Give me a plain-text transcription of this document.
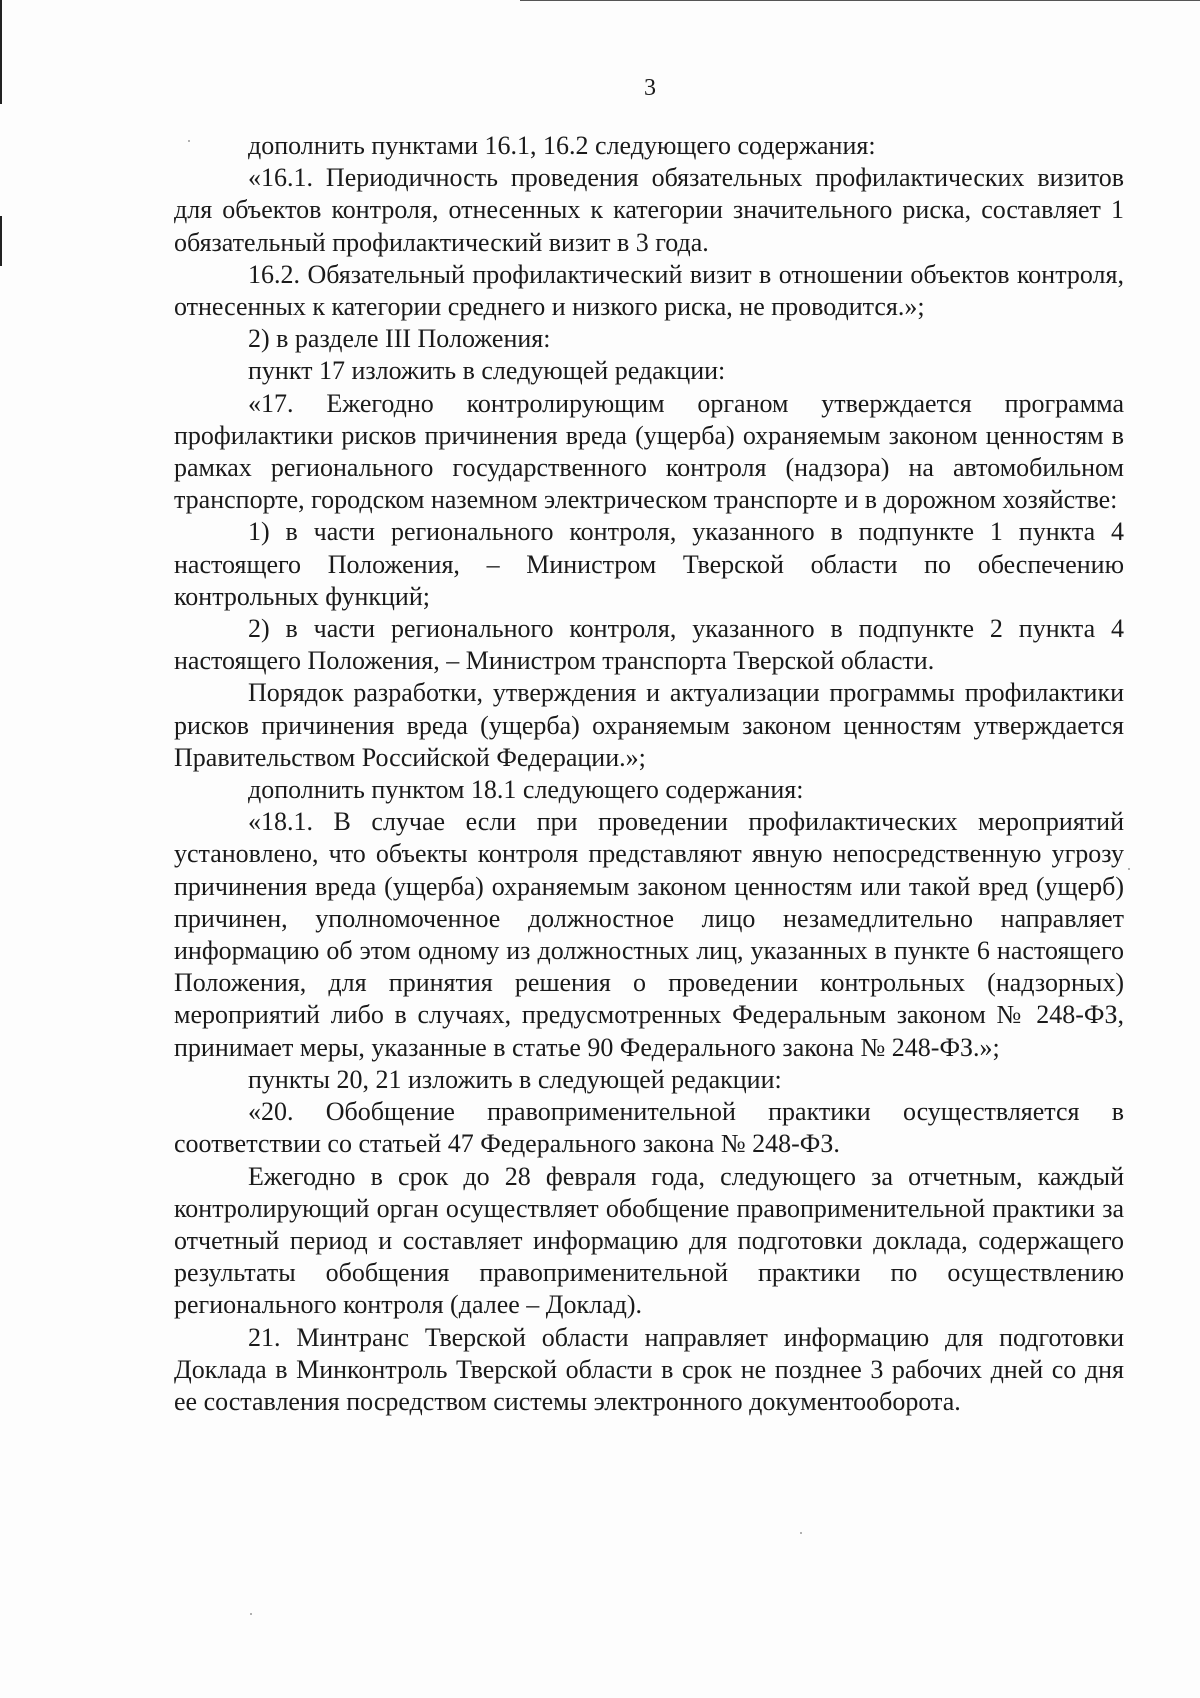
3

дополнить пунктами 16.1, 16.2 следующего содержания:

«16.1. Периодичность проведения обязательных профилактических визитов для объектов контроля, отнесенных к категории значительного риска, составляет 1 обязательный профилактический визит в 3 года.

16.2. Обязательный профилактический визит в отношении объектов контроля, отнесенных к категории среднего и низкого риска, не проводится.»;

2) в разделе III Положения:

пункт 17 изложить в следующей редакции:

«17. Ежегодно контролирующим органом утверждается программа профилактики рисков причинения вреда (ущерба) охраняемым законом ценностям в рамках регионального государственного контроля (надзора) на автомобильном транспорте, городском наземном электрическом транспорте и в дорожном хозяйстве:

1) в части регионального контроля, указанного в подпункте 1 пункта 4 настоящего Положения, – Министром Тверской области по обеспечению контрольных функций;

2) в части регионального контроля, указанного в подпункте 2 пункта 4 настоящего Положения, – Министром транспорта Тверской области.

Порядок разработки, утверждения и актуализации программы профилактики рисков причинения вреда (ущерба) охраняемым законом ценностям утверждается Правительством Российской Федерации.»;

дополнить пунктом 18.1 следующего содержания:

«18.1. В случае если при проведении профилактических мероприятий установлено, что объекты контроля представляют явную непосредственную угрозу причинения вреда (ущерба) охраняемым законом ценностям или такой вред (ущерб) причинен, уполномоченное должностное лицо незамедлительно направляет информацию об этом одному из должностных лиц, указанных в пункте 6 настоящего Положения, для принятия решения о проведении контрольных (надзорных) мероприятий либо в случаях, предусмотренных Федеральным законом № 248-ФЗ, принимает меры, указанные в статье 90 Федерального закона № 248-ФЗ.»;

пункты 20, 21 изложить в следующей редакции:

«20. Обобщение правоприменительной практики осуществляется в соответствии со статьей 47 Федерального закона № 248-ФЗ.

Ежегодно в срок до 28 февраля года, следующего за отчетным, каждый контролирующий орган осуществляет обобщение правоприменительной практики за отчетный период и составляет информацию для подготовки доклада, содержащего результаты обобщения правоприменительной практики по осуществлению регионального контроля (далее – Доклад).

21. Минтранс Тверской области направляет информацию для подготовки Доклада в Минконтроль Тверской области в срок не позднее 3 рабочих дней со дня ее составления посредством системы электронного документооборота.
